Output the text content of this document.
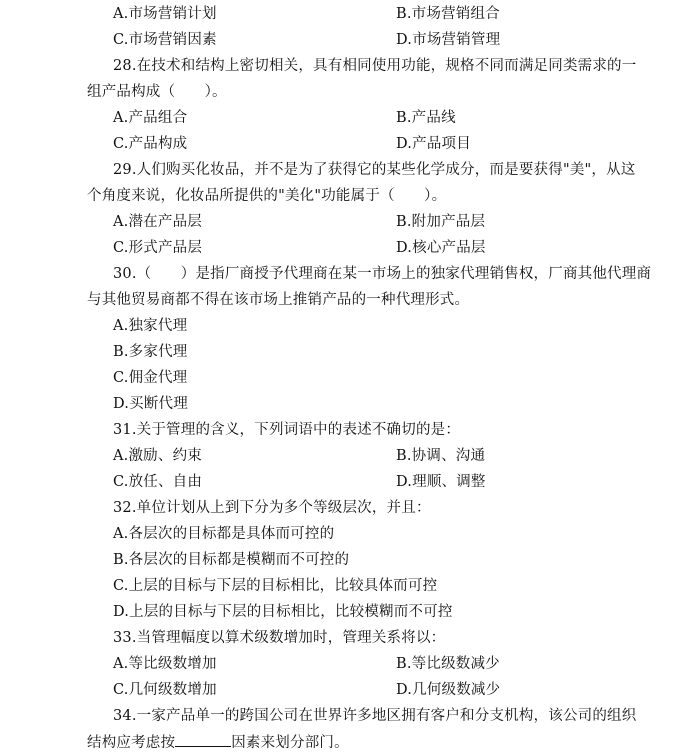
A.市场营销计划	B.市场营销组合
C.市场营销因素	D.市场营销管理
28.在技术和结构上密切相关，具有相同使用功能，规格不同而满足同类需求的一
组产品构成（　　）。
A.产品组合	B.产品线
C.产品构成	D.产品项目
29.人们购买化妆品，并不是为了获得它的某些化学成分，而是要获得"美"，从这
个角度来说，化妆品所提供的"美化"功能属于（　　）。
A.潜在产品层	B.附加产品层
C.形式产品层	D.核心产品层
30.（　　）是指厂商授予代理商在某一市场上的独家代理销售权，厂商其他代理商
与其他贸易商都不得在该市场上推销产品的一种代理形式。
A.独家代理
B.多家代理
C.佣金代理
D.买断代理
31.关于管理的含义，下列词语中的表述不确切的是：
A.激励、约束	B.协调、沟通
C.放任、自由	D.理顺、调整
32.单位计划从上到下分为多个等级层次，并且：
A.各层次的目标都是具体而可控的
B.各层次的目标都是模糊而不可控的
C.上层的目标与下层的目标相比，比较具体而可控
D.上层的目标与下层的目标相比，比较模糊而不可控
33.当管理幅度以算术级数增加时，管理关系将以：
A.等比级数增加	B.等比级数减少
C.几何级数增加	D.几何级数减少
34.一家产品单一的跨国公司在世界许多地区拥有客户和分支机构，该公司的组织
结构应考虑按	因素来划分部门。
